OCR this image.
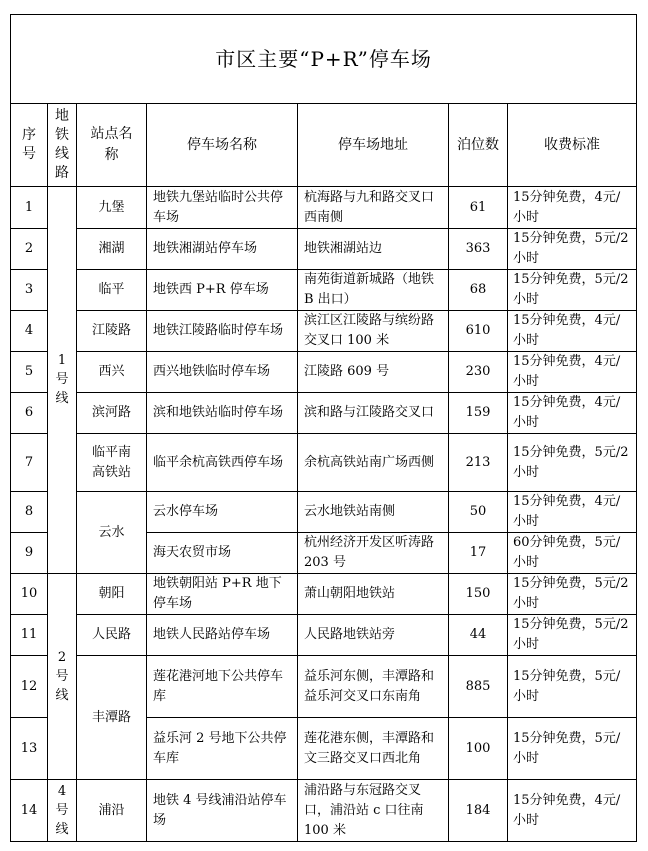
市区主要“P+R”停车场						
序号	地铁线路	站点名称	停车场名称	停车场地址	泊位数	收费标准
1	1号线	九堡	地铁九堡站临时公共停车场	杭海路与九和路交叉口西南侧	61	15分钟免费，4元/小时
2		湘湖	地铁湘湖站停车场	地铁湘湖站边	363	15分钟免费，5元/2小时
3		临平	地铁西 P+R 停车场	南苑街道新城路（地铁 B 出口）	68	15分钟免费，5元/2小时
4		江陵路	地铁江陵路临时停车场	滨江区江陵路与缤纷路交叉口 100 米	610	15分钟免费，4元/小时
5		西兴	西兴地铁临时停车场	江陵路 609 号	230	15分钟免费，4元/小时
6		滨河路	滨和地铁站临时停车场	滨和路与江陵路交叉口	159	15分钟免费，4元/小时
7		临平南高铁站	临平余杭高铁西停车场	余杭高铁站南广场西侧	213	15分钟免费，5元/2小时
8		云水	云水停车场	云水地铁站南侧	50	15分钟免费，4元/小时
9			海天农贸市场	杭州经济开发区听涛路 203 号	17	60分钟免费，5元/小时
10	2号线	朝阳	地铁朝阳站 P+R 地下停车场	萧山朝阳地铁站	150	15分钟免费，5元/2小时
11		人民路	地铁人民路站停车场	人民路地铁站旁	44	15分钟免费，5元/2小时
12		丰潭路	莲花港河地下公共停车库	益乐河东侧，丰潭路和益乐河交叉口东南角	885	15分钟免费，5元/小时
13			益乐河 2 号地下公共停车库	莲花港东侧，丰潭路和文三路交叉口西北角	100	15分钟免费，5元/小时
14	4号线	浦沿	地铁 4 号线浦沿站停车场	浦沿路与东冠路交叉口，浦沿站 c 口往南 100 米	184	15分钟免费，4元/小时
